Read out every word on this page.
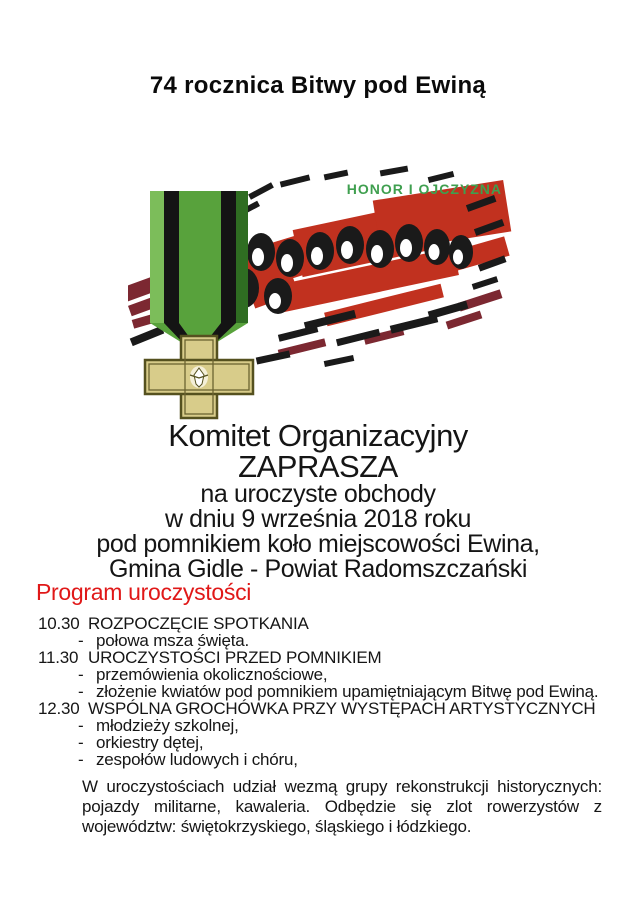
74 rocznica Bitwy pod Ewiną
HONOR I OJCZYZNA
Komitet Organizacyjny
ZAPRASZA
na uroczyste obchody
w dniu 9 września 2018 roku
pod pomnikiem koło miejscowości Ewina,
Gmina Gidle - Powiat Radomszczański
Program uroczystości
10.30 ROZPOCZĘCIE SPOTKANIA
-
połowa msza święta.
11.30 UROCZYSTOŚCI PRZED POMNIKIEM
-
przemówienia okolicznościowe,
-
złożenie kwiatów pod pomnikiem upamiętniającym Bitwę pod Ewiną.
12.30 WSPÓLNA GROCHÓWKA PRZY WYSTĘPACH ARTYSTYCZNYCH
-
młodzieży szkolnej,
-
orkiestry dętej,
-
zespołów ludowych i chóru,
W uroczystościach udział wezmą grupy rekonstrukcji historycznych: pojazdy militarne, kawaleria. Odbędzie się zlot rowerzystów z województw: świętokrzyskiego, śląskiego i łódzkiego.
